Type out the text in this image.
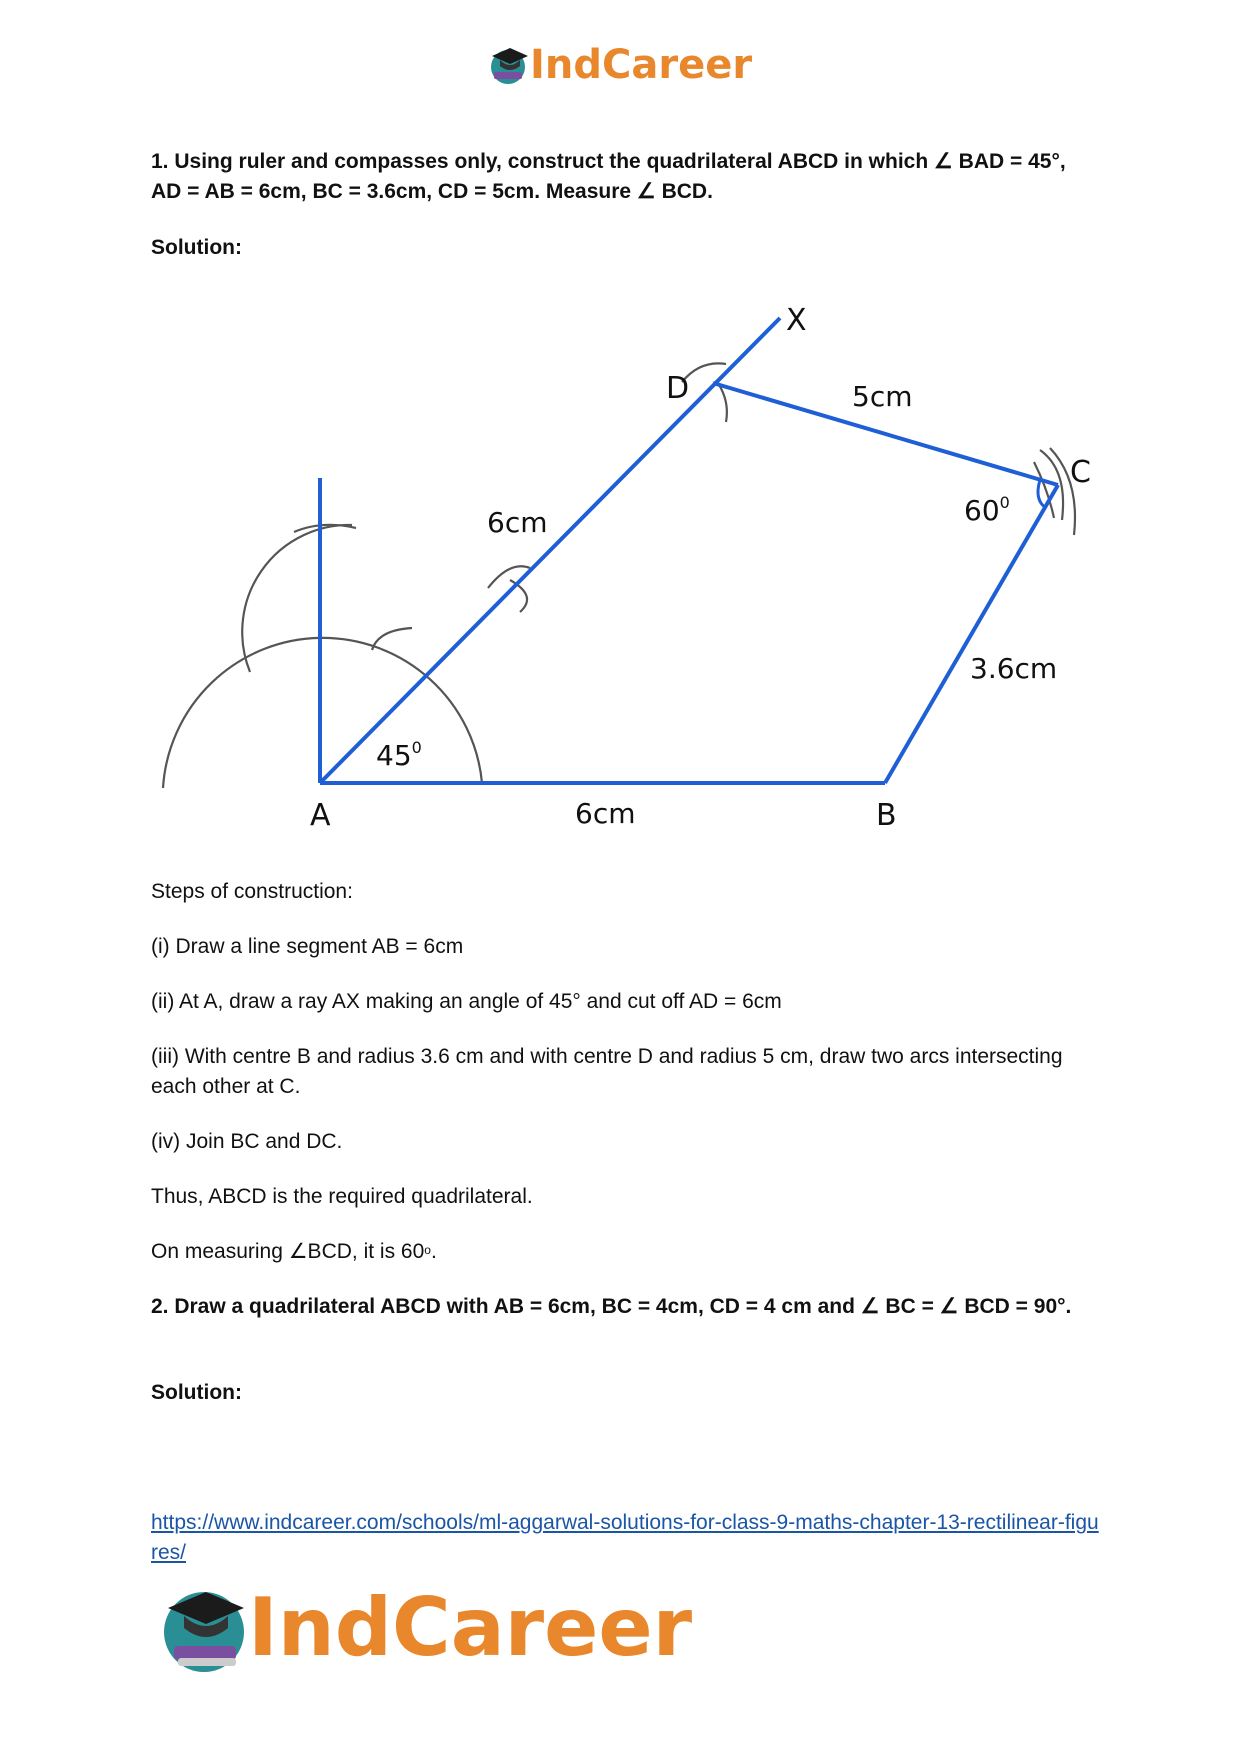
IndCareer

1. Using ruler and compasses only, construct the quadrilateral ABCD in which ∠ BAD = 45°, AD = AB = 6cm, BC = 3.6cm, CD = 5cm. Measure ∠ BCD.

Solution:

A	B
C
D
X
6cm
6cm
5cm
3.6cm
$45^0$
$60^0$

Steps of construction:

(i) Draw a line segment AB = 6cm

(ii) At A, draw a ray AX making an angle of 45° and cut off AD = 6cm

(iii) With centre B and radius 3.6 cm and with centre D and radius 5 cm, draw two arcs intersecting each other at C.

(iv) Join BC and DC.

Thus, ABCD is the required quadrilateral.

On measuring ∠BCD, it is 60$^o$.

2. Draw a quadrilateral ABCD with AB = 6cm, BC = 4cm, CD = 4 cm and ∠ BC = ∠ BCD = 90°.

Solution:

https://www.indcareer.com/schools/ml-aggarwal-solutions-for-class-9-maths-chapter-13-rectilinear-figures/
IndCareer
